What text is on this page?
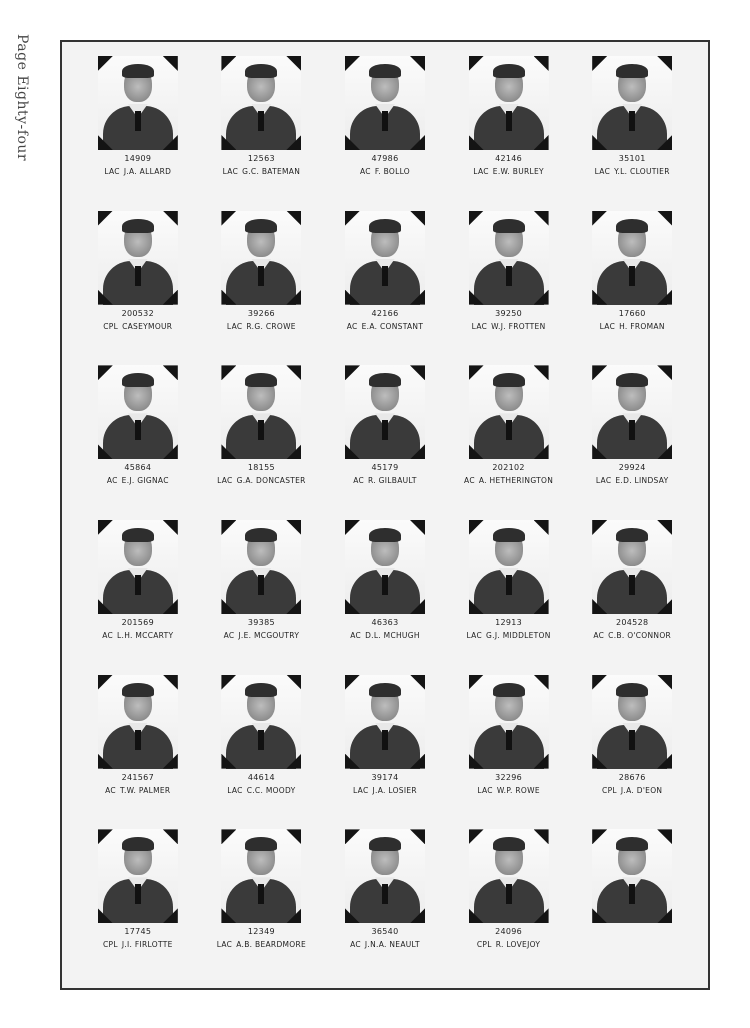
Page Eighty-four	14909
LAC J.A. ALLARD
12563
LAC G.C. BATEMAN
47986
AC F. BOLLO
42146
LAC E.W. BURLEY
35101
LAC Y.L. CLOUTIER
200532
CPL CASEYMOUR
39266
LAC R.G. CROWE
42166
AC E.A. CONSTANT
39250
LAC W.J. FROTTEN
17660
LAC H. FROMAN
45864
AC E.J. GIGNAC
18155
LAC G.A. DONCASTER
45179
AC R. GILBAULT
202102
AC A. HETHERINGTON
29924
LAC E.D. LINDSAY
201569
AC L.H. MCCARTY
39385
AC J.E. MCGOUTRY
46363
AC D.L. MCHUGH
12913
LAC G.J. MIDDLETON
204528
AC C.B. O'CONNOR
241567
AC T.W. PALMER
44614
LAC C.C. MOODY
39174
LAC J.A. LOSIER
32296
LAC W.P. ROWE
28676
CPL J.A. D'EON
17745
CPL J.I. FIRLOTTE
12349
LAC A.B. BEARDMORE
36540
AC J.N.A. NEAULT
24096
CPL R. LOVEJOY
